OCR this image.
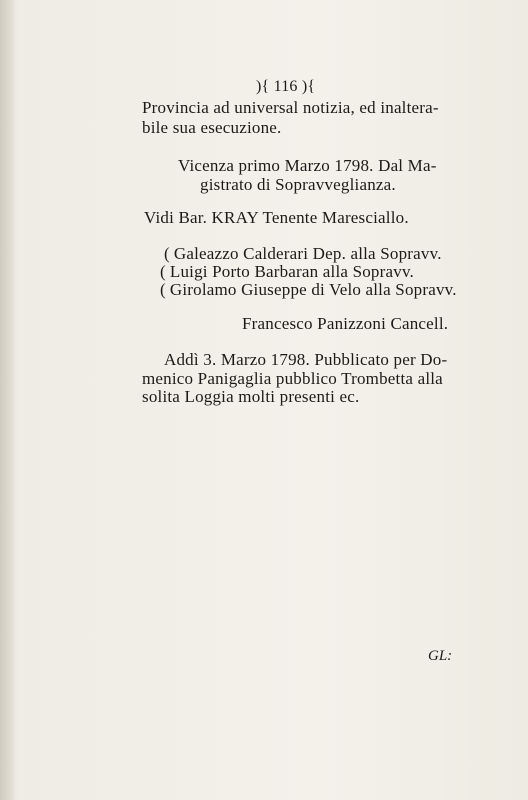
){ 116 ){
Provincia ad universal notizia, ed inaltera-
bile sua esecuzione.
Vicenza primo Marzo 1798. Dal Ma-
gistrato di Sopravveglianza.
Vidi Bar. KRAY Tenente Maresciallo.
( Galeazzo Calderari Dep. alla Sopravv.
( Luigi Porto Barbaran alla Sopravv.
( Girolamo Giuseppe di Velo alla Sopravv.
Francesco Panizzoni Cancell.
Addì 3. Marzo 1798. Pubblicato per Do-
menico Panigaglia pubblico Trombetta alla
solita Loggia molti presenti ec.
GL:
